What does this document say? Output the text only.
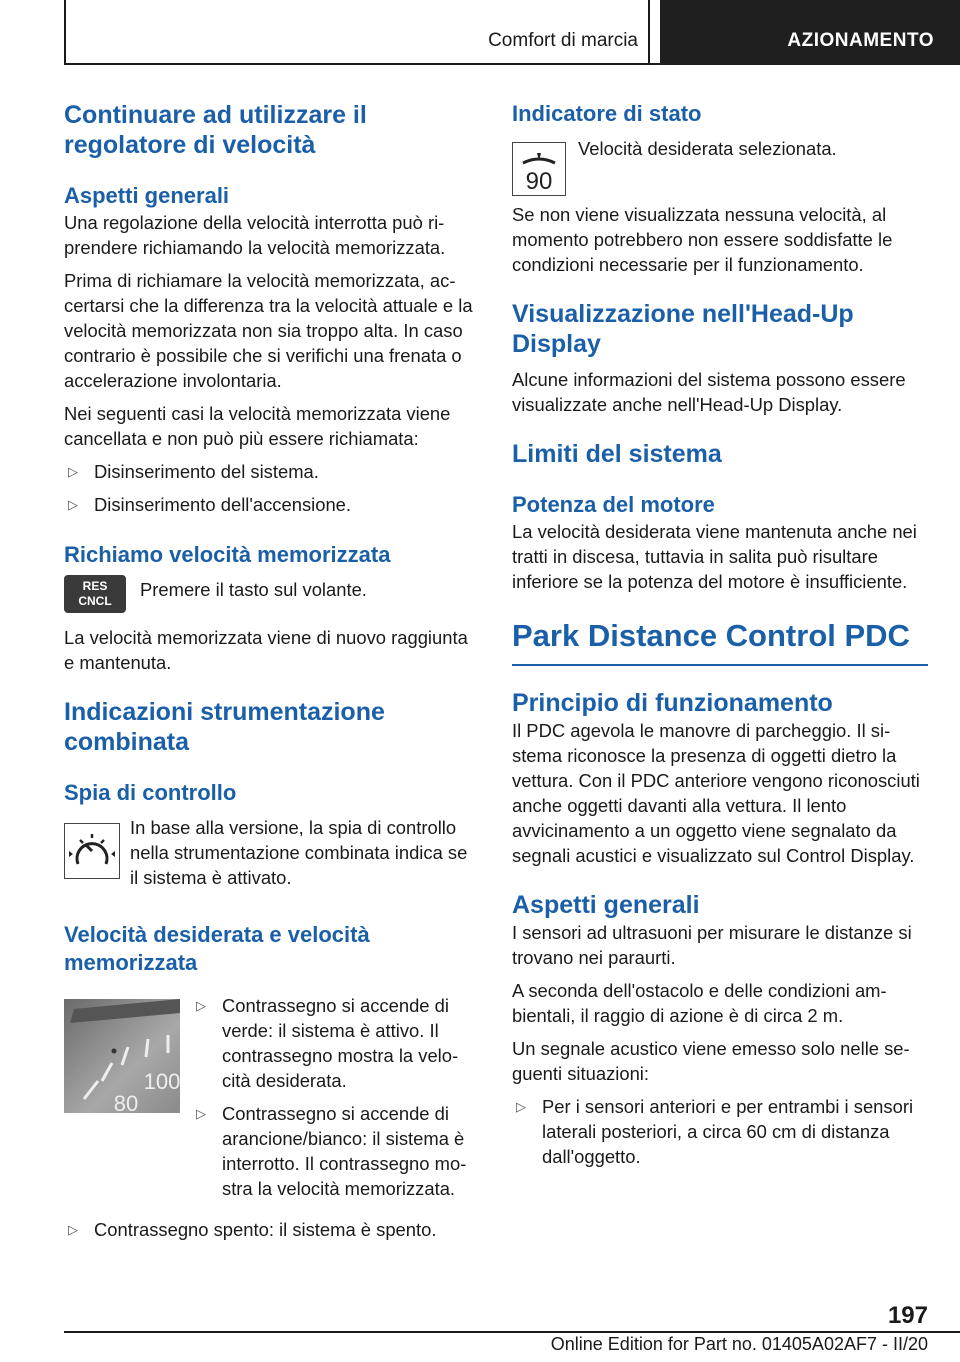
Comfort di marcia	AZIONAMENTO
Continuare ad utilizzare il regolatore di velocità
Aspetti generali

Una regolazione della velocità interrotta può riprendere richiamando la velocità memorizzata.

Prima di richiamare la velocità memorizzata, accertarsi che la differenza tra la velocità attuale e la velocità memorizzata non sia troppo alta. In caso contrario è possibile che si verifichi una frenata o accelerazione involontaria.

Nei seguenti casi la velocità memorizzata viene cancellata e non può più essere richiamata:

▷ Disinserimento del sistema.
▷ Disinserimento dell'accensione.
Richiamo velocità memorizzata
RES
CNCL

Premere il tasto sul volante.

La velocità memorizzata viene di nuovo raggiunta e mantenuta.

Indicazioni strumentazione combinata
Spia di controllo

In base alla versione, la spia di controllo nella strumentazione combinata indica se il sistema è attivato.

Velocità desiderata e velocità memorizzata
100
80
▷ Contrassegno si accende di verde: il sistema è attivo. Il contrassegno mostra la velocità desiderata.
▷ Contrassegno si accende di arancione/bianco: il sistema è interrotto. Il contrassegno mostra la velocità memorizzata.
▷ Contrassegno spento: il sistema è spento.
Indicatore di stato
90

Velocità desiderata selezionata.

Se non viene visualizzata nessuna velocità, al momento potrebbero non essere soddisfatte le condizioni necessarie per il funzionamento.

Visualizzazione nell'Head-Up Display

Alcune informazioni del sistema possono essere visualizzate anche nell'Head-Up Display.

Limiti del sistema
Potenza del motore

La velocità desiderata viene mantenuta anche nei tratti in discesa, tuttavia in salita può risultare inferiore se la potenza del motore è insufficiente.

Park Distance Control PDC
Principio di funzionamento

Il PDC agevola le manovre di parcheggio. Il sistema riconosce la presenza di oggetti dietro la vettura. Con il PDC anteriore vengono riconosciuti anche oggetti davanti alla vettura. Il lento avvicinamento a un oggetto viene segnalato da segnali acustici e visualizzato sul Control Display.

Aspetti generali

I sensori ad ultrasuoni per misurare le distanze si trovano nei paraurti.

A seconda dell'ostacolo e delle condizioni ambientali, il raggio di azione è di circa 2 m.

Un segnale acustico viene emesso solo nelle seguenti situazioni:

▷ Per i sensori anteriori e per entrambi i sensori laterali posteriori, a circa 60 cm di distanza dall'oggetto.
197
Online Edition for Part no. 01405A02AF7 - II/20
